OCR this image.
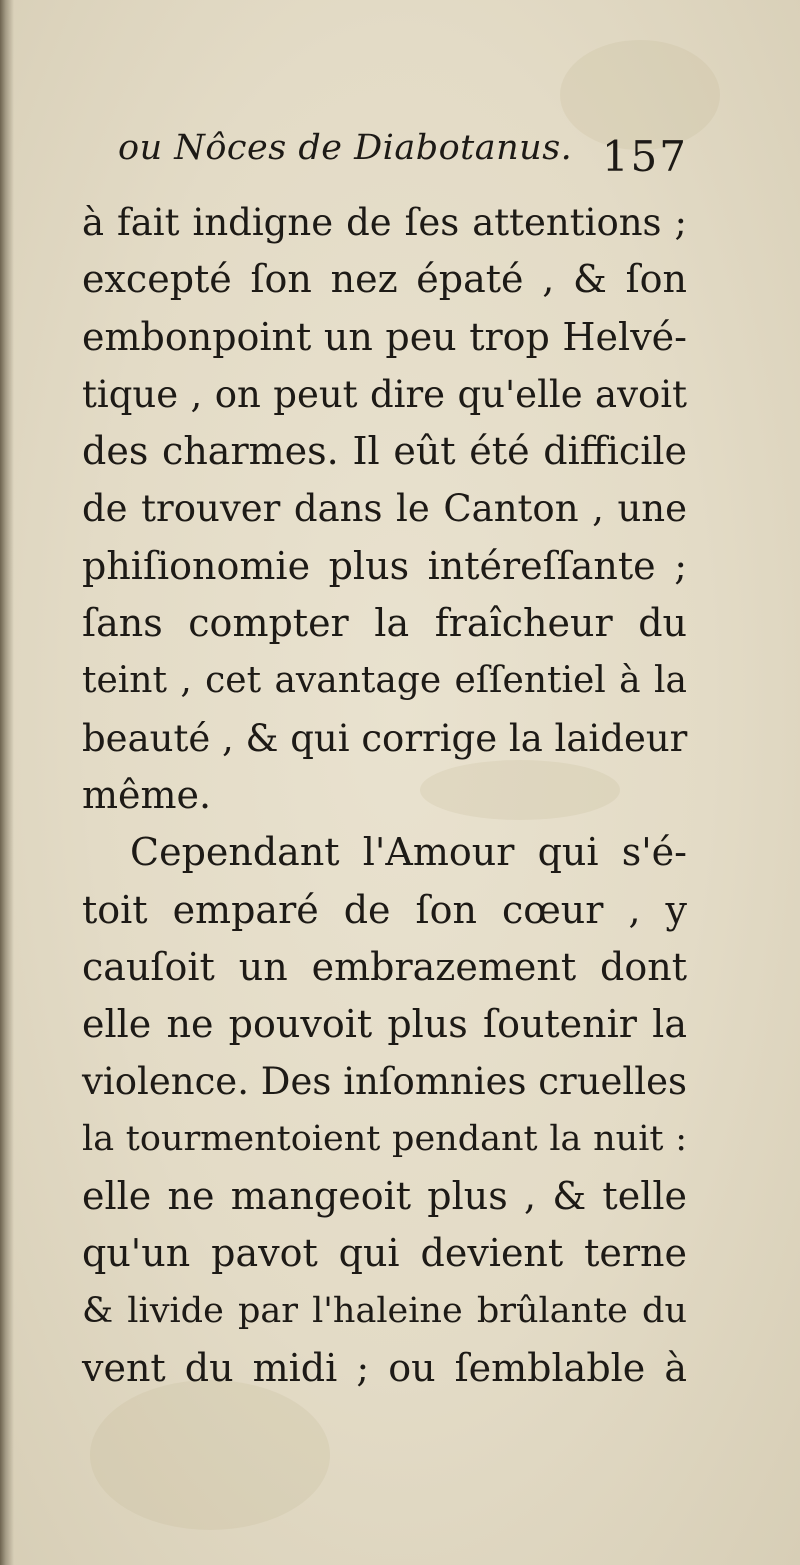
ou Nôces de Diabotanus. 157
à fait indigne de ſes attentions ;
excepté ſon nez épaté , & ſon
embonpoint un peu trop Helvé-
tique , on peut dire qu'elle avoit
des charmes. Il eût été difficile
de trouver dans le Canton , une
phiſionomie plus intéreſſante ;
ſans compter la fraîcheur du
teint , cet avantage eſſentiel à la
beauté , & qui corrige la laideur
même.
Cependant l'Amour qui s'é-
toit emparé de ſon cœur , y
cauſoit un embrazement dont
elle ne pouvoit plus ſoutenir la
violence. Des inſomnies cruelles
la tourmentoient pendant la nuit :
elle ne mangeoit plus , & telle
qu'un pavot qui devient terne
& livide par l'haleine brûlante du
vent du midi ; ou ſemblable à
